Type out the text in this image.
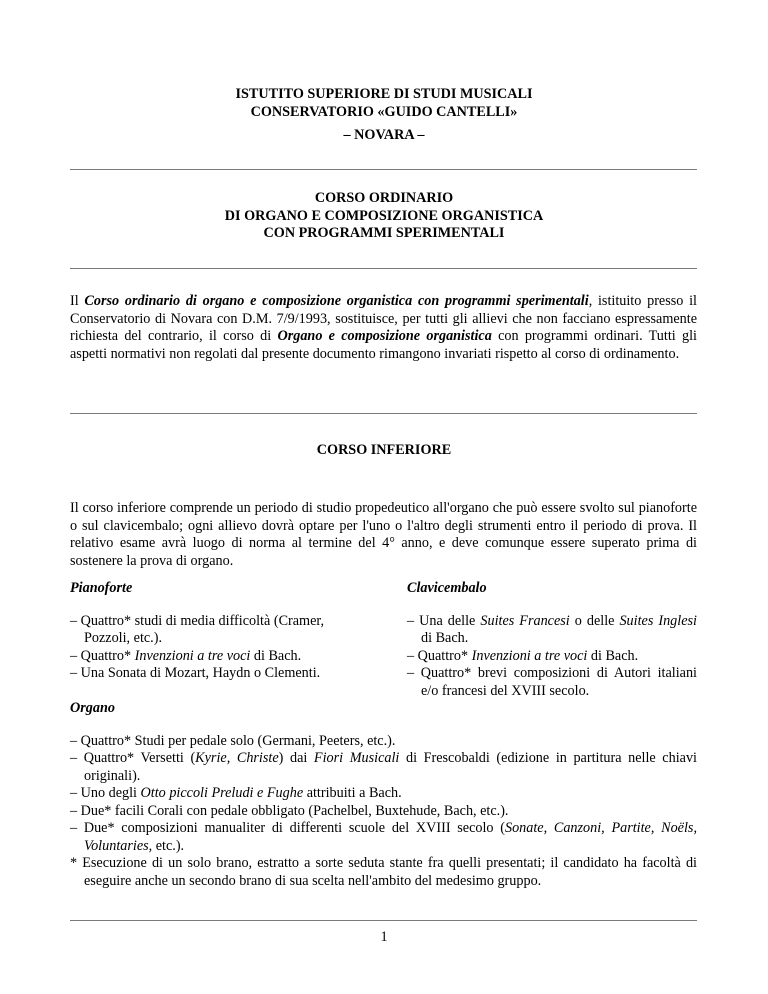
ISTUTITO SUPERIORE DI STUDI MUSICALI
CONSERVATORIO «GUIDO CANTELLI»
– NOVARA –
CORSO ORDINARIO
DI ORGANO E COMPOSIZIONE ORGANISTICA
CON PROGRAMMI SPERIMENTALI
Il Corso ordinario di organo e composizione organistica con programmi sperimentali, istituito presso il Conservatorio di Novara con D.M. 7/9/1993, sostituisce, per tutti gli allievi che non facciano espressamente richiesta del contrario, il corso di Organo e composizione organistica con programmi ordinari. Tutti gli aspetti normativi non regolati dal presente documento rimangono invariati rispetto al corso di ordinamento.
CORSO INFERIORE
Il corso inferiore comprende un periodo di studio propedeutico all'organo che può essere svolto sul pianoforte o sul clavicembalo; ogni allievo dovrà optare per l'uno o l'altro degli strumenti entro il periodo di prova. Il relativo esame avrà luogo di norma al termine del 4° anno, e deve comunque essere superato prima di sostenere la prova di organo.
Pianoforte

– Quattro* studi di media difficoltà (Cramer, Pozzoli, etc.).

– Quattro* Invenzioni a tre voci di Bach.

– Una Sonata di Mozart, Haydn o Clementi.

Clavicembalo

– Una delle Suites Francesi o delle Suites Inglesi di Bach.

– Quattro* Invenzioni a tre voci di Bach.

– Quattro* brevi composizioni di Autori italiani e/o francesi del XVIII secolo.

Organo

– Quattro* Studi per pedale solo (Germani, Peeters, etc.).

– Quattro* Versetti (Kyrie, Christe) dai Fiori Musicali di Frescobaldi (edizione in partitura nelle chiavi originali).

– Uno degli Otto piccoli Preludi e Fughe attribuiti a Bach.

– Due* facili Corali con pedale obbligato (Pachelbel, Buxtehude, Bach, etc.).

– Due* composizioni manualiter di differenti scuole del XVIII secolo (Sonate, Canzoni, Partite, Noëls, Voluntaries, etc.).

* Esecuzione di un solo brano, estratto a sorte seduta stante fra quelli presentati; il candidato ha facoltà di eseguire anche un secondo brano di sua scelta nell'ambito del medesimo gruppo.

1
